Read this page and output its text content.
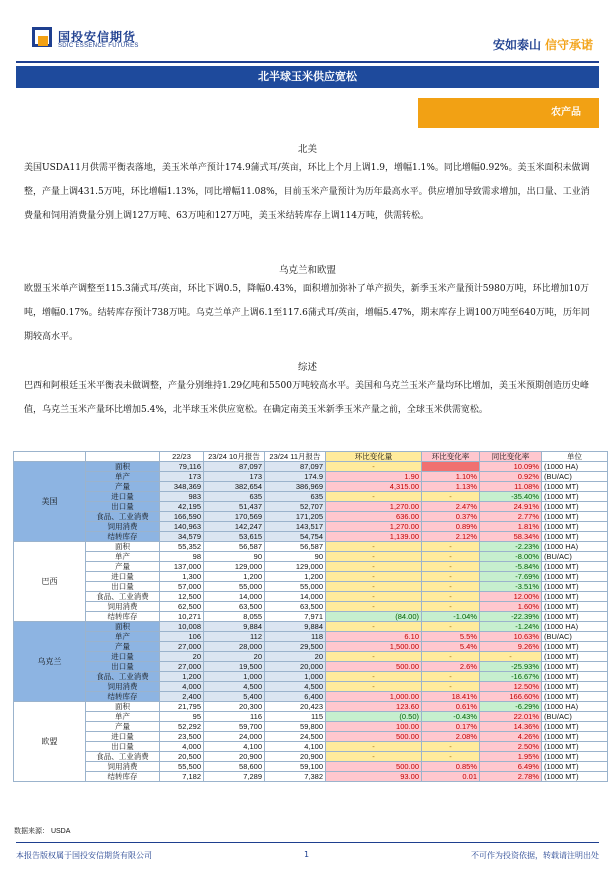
国投安信期货
SDIC ESSENCE FUTURES	安如泰山 信守承诺
北半球玉米供应宽松
农产品
北美
美国USDA11月供需平衡表落地，美玉米单产预计174.9蒲式耳/英亩，环比上个月上调1.9，增幅1.1%。同比增幅0.92%。美玉米面积未做调整，产量上调431.5万吨，环比增幅1.13%，同比增幅11.08%，目前玉米产量预计为历年最高水平。供应增加导致需求增加，出口量、工业消费量和饲用消费量分别上调127万吨、63万吨和127万吨，美玉米结转库存上调114万吨，供需转松。
乌克兰和欧盟
欧盟玉米单产调整至115.3蒲式耳/英亩，环比下调0.5，降幅0.43%，面积增加弥补了单产损失，新季玉米产量预计5980万吨，环比增加10万吨，增幅0.17%。结转库存预计738万吨。乌克兰单产上调6.1至117.6蒲式耳/英亩，增幅5.47%，期末库存上调100万吨至640万吨，历年同期较高水平。
综述
巴西和阿根廷玉米平衡表未做调整，产量分别维持1.29亿吨和5500万吨较高水平。美国和乌克兰玉米产量均环比增加，美玉米预期创造历史峰值，乌克兰玉米产量环比增加5.4%，北半球玉米供应宽松。在确定南美玉米新季玉米产量之前，全球玉米供需宽松。
		22/23	23/24 10月报告	23/24 11月报告	环比变化量	环比变化率	同比变化率	单位
美国	面积	79,116	87,097	87,097	-		10.09%	(1000 HA)
	单产	173	173	174.9	1.90	1.10%	0.92%	(BU/AC)
	产量	348,369	382,654	386,969	4,315.00	1.13%	11.08%	(1000 MT)
	进口量	983	635	635	-	-	-35.40%	(1000 MT)
	出口量	42,195	51,437	52,707	1,270.00	2.47%	24.91%	(1000 MT)
	食品、工业消费	166,590	170,569	171,205	636.00	0.37%	2.77%	(1000 MT)
	饲用消费	140,963	142,247	143,517	1,270.00	0.89%	1.81%	(1000 MT)
	结转库存	34,579	53,615	54,754	1,139.00	2.12%	58.34%	(1000 MT)
巴西	面积	55,352	56,587	56,587	-	-	-2.23%	(1000 HA)
	单产	98	90	90	-	-	-8.00%	(BU/AC)
	产量	137,000	129,000	129,000	-	-	-5.84%	(1000 MT)
	进口量	1,300	1,200	1,200	-	-	-7.69%	(1000 MT)
	出口量	57,000	55,000	55,000	-	-	-3.51%	(1000 MT)
	食品、工业消费	12,500	14,000	14,000	-	-	12.00%	(1000 MT)
	饲用消费	62,500	63,500	63,500	-	-	1.60%	(1000 MT)
	结转库存	10,271	8,055	7,971	(84.00)	-1.04%	-22.39%	(1000 MT)
乌克兰	面积	10,008	9,884	9,884	-	-	-1.24%	(1000 HA)
	单产	106	112	118	6.10	5.5%	10.63%	(BU/AC)
	产量	27,000	28,000	29,500	1,500.00	5.4%	9.26%	(1000 MT)
	进口量	20	20	20	-	-	-	(1000 MT)
	出口量	27,000	19,500	20,000	500.00	2.6%	-25.93%	(1000 MT)
	食品、工业消费	1,200	1,000	1,000	-	-	-16.67%	(1000 MT)
	饲用消费	4,000	4,500	4,500	-	-	12.50%	(1000 MT)
	结转库存	2,400	5,400	6,400	1,000.00	18.41%	166.60%	(1000 MT)
欧盟	面积	21,795	20,300	20,423	123.60	0.61%	-6.29%	(1000 HA)
	单产	95	116	115	(0.50)	-0.43%	22.01%	(BU/AC)
	产量	52,292	59,700	59,800	100.00	0.17%	14.36%	(1000 MT)
	进口量	23,500	24,000	24,500	500.00	2.08%	4.26%	(1000 MT)
	出口量	4,000	4,100	4,100	-	-	2.50%	(1000 MT)
	食品、工业消费	20,500	20,900	20,900	-	-	1.95%	(1000 MT)
	饲用消费	55,500	58,600	59,100	500.00	0.85%	6.49%	(1000 MT)
	结转库存	7,182	7,289	7,382	93.00	0.01	2.78%	(1000 MT)
数据来源： USDA
本报告版权属于国投安信期货有限公司	1	不可作为投资依据，转载请注明出处
